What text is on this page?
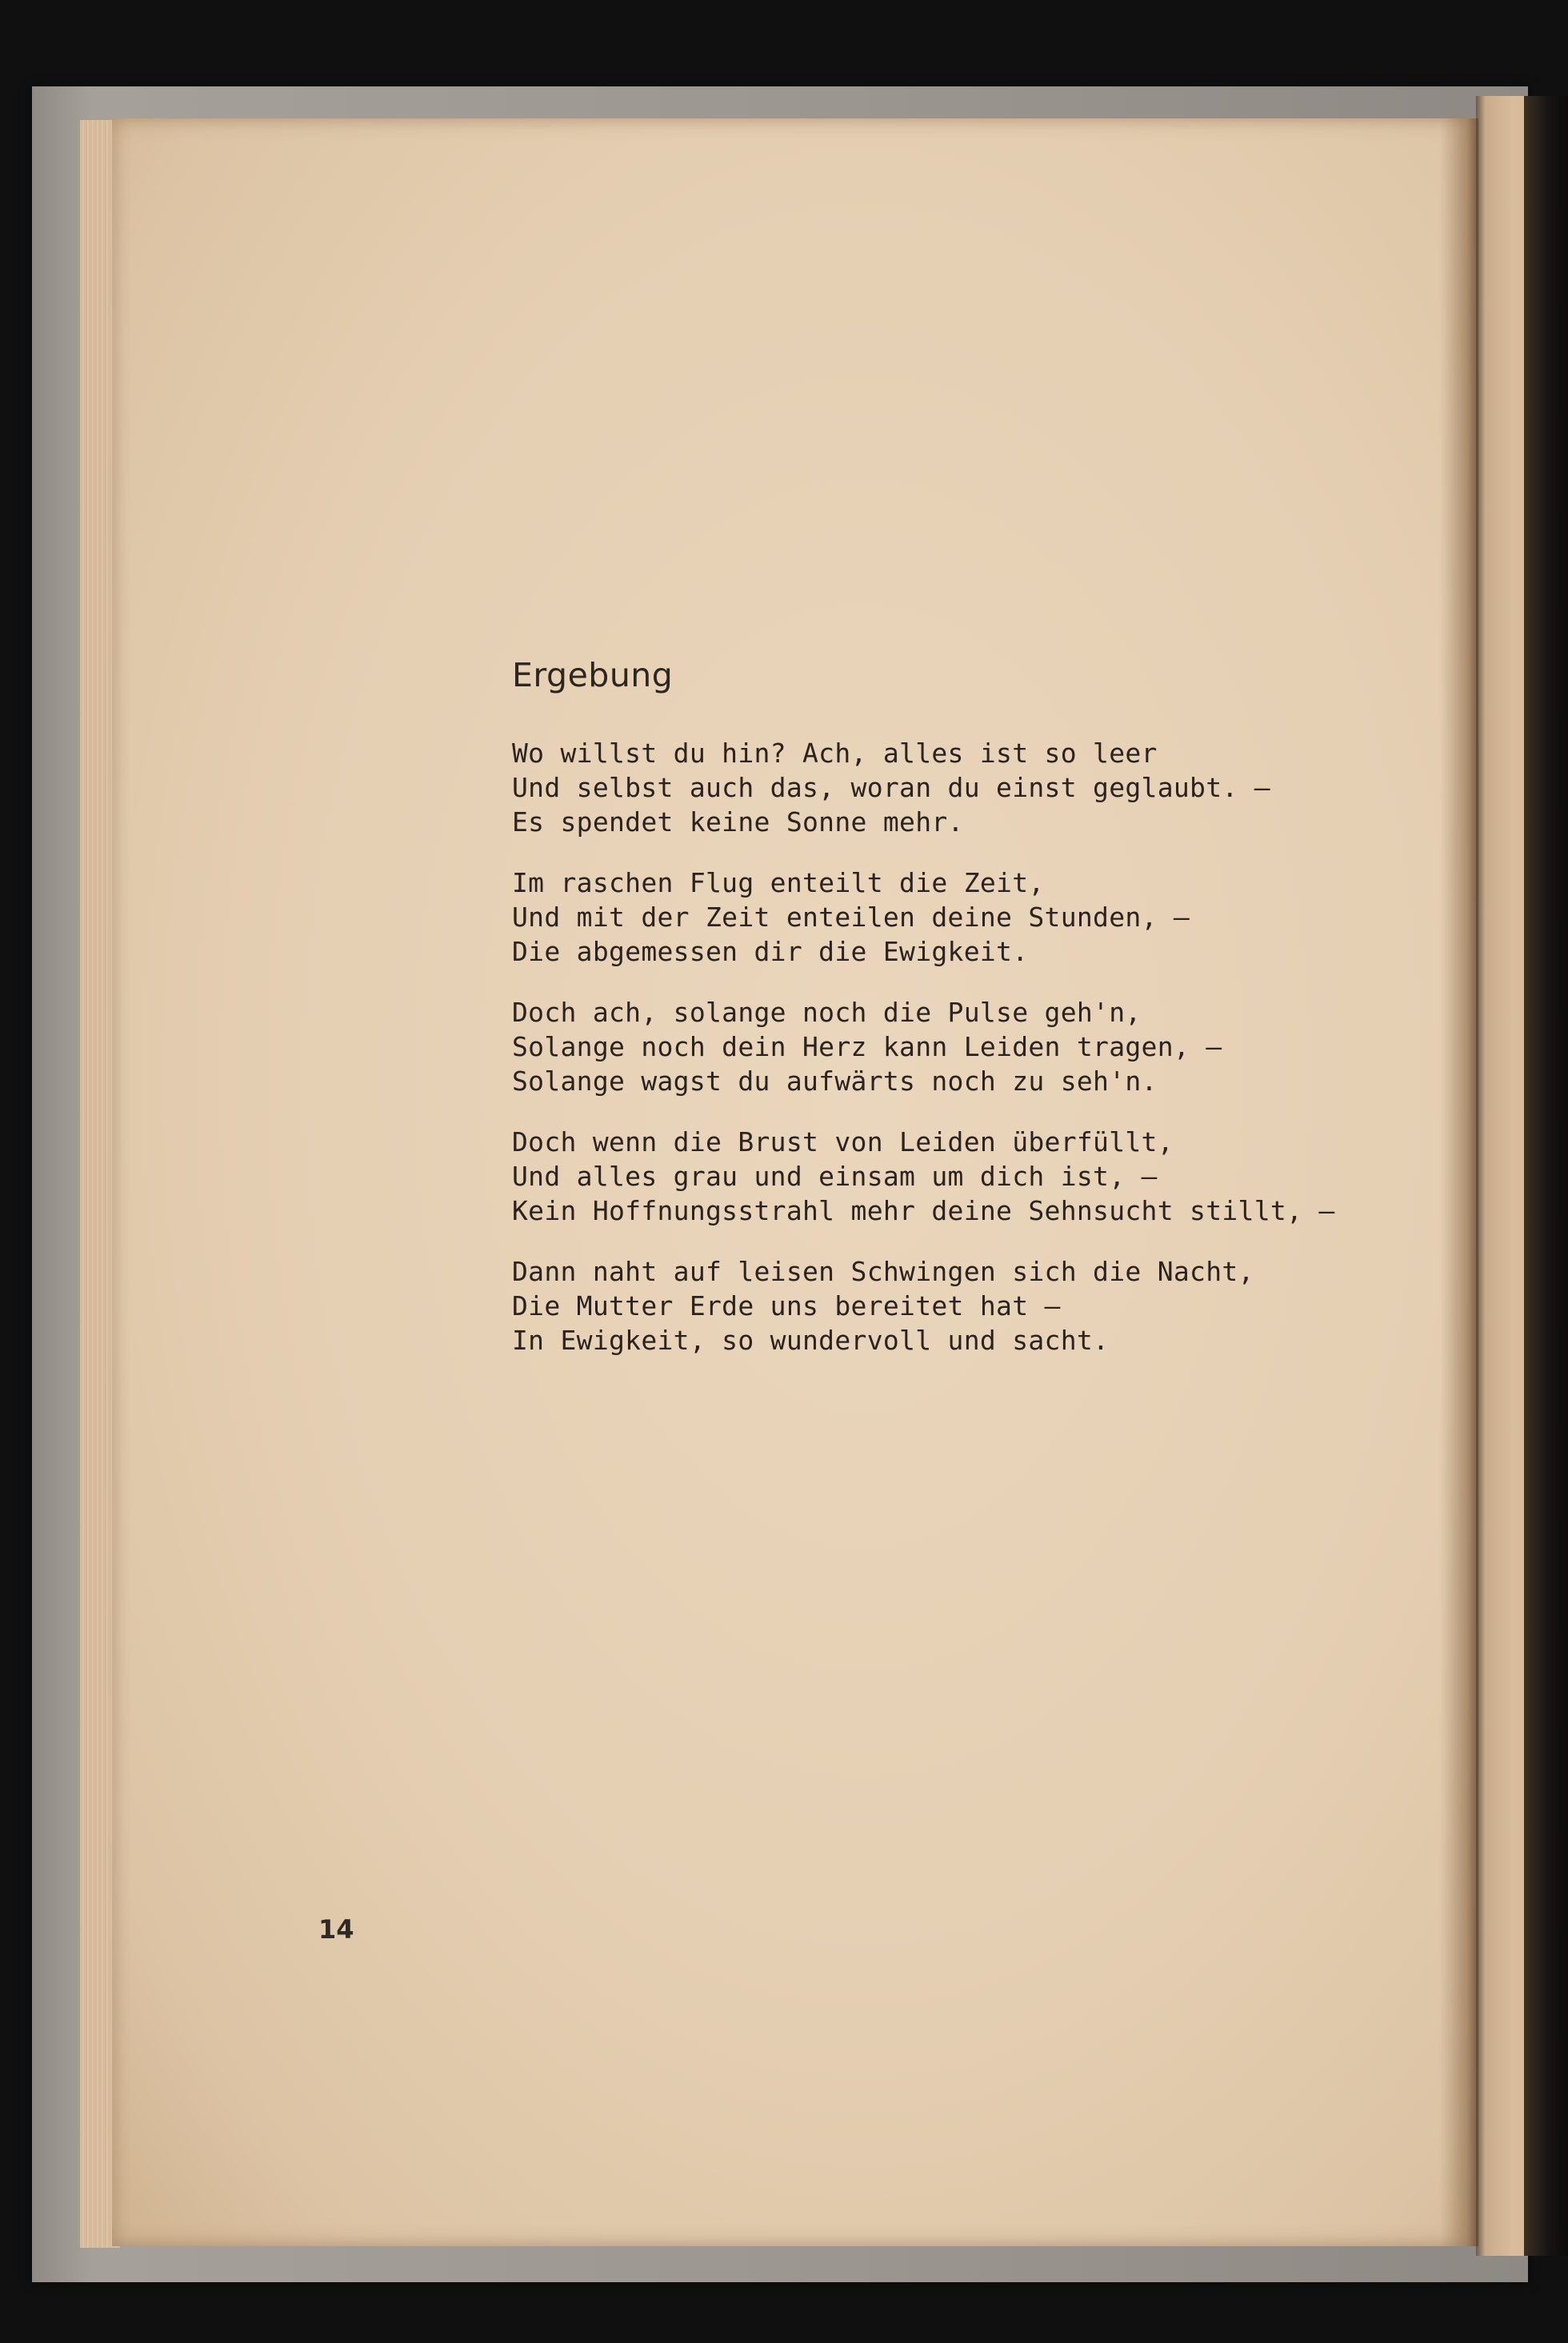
Ergebung
Wo willst du hin? Ach, alles ist so leer
Und selbst auch das, woran du einst geglaubt. —
Es spendet keine Sonne mehr.
Im raschen Flug enteilt die Zeit,
Und mit der Zeit enteilen deine Stunden, —
Die abgemessen dir die Ewigkeit.
Doch ach, solange noch die Pulse geh'n,
Solange noch dein Herz kann Leiden tragen, —
Solange wagst du aufwärts noch zu seh'n.
Doch wenn die Brust von Leiden überfüllt,
Und alles grau und einsam um dich ist, —
Kein Hoffnungsstrahl mehr deine Sehnsucht stillt, —
Dann naht auf leisen Schwingen sich die Nacht,
Die Mutter Erde uns bereitet hat —
In Ewigkeit, so wundervoll und sacht.
14
